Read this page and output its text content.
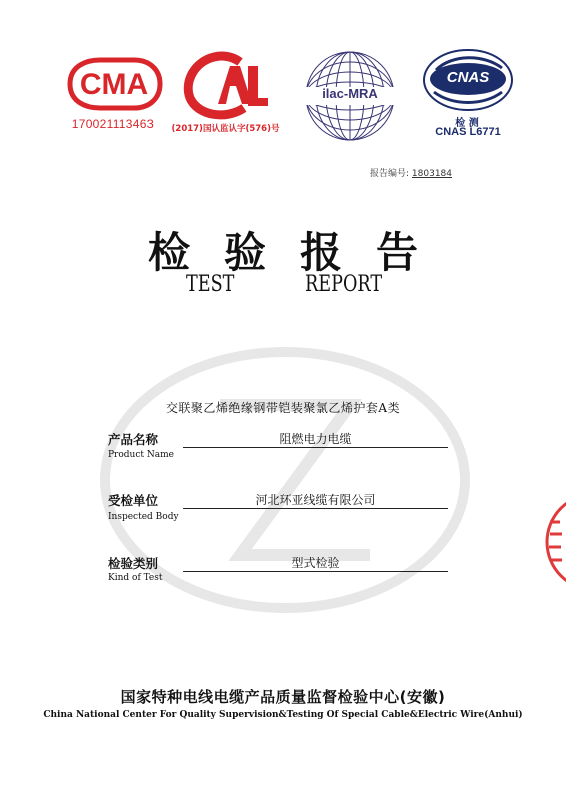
CMA
17002111346З
CAL
(2017)国认监认字(576)号
ilac-MRA
CNAS
检 测
CNAS L6771
报告编号: 1803184
检验报告
TEST	REPORT
交联聚乙烯绝缘钢带铠装聚氯乙烯护套A类
产品名称
Product Name
阻燃电力电缆
受检单位
Inspected Body
河北环亚线缆有限公司
检验类别
Kind of Test
型式检验
国家特种电线电缆产品质量监督检验中心(安徽)
China National Center For Quality Supervision&Testing Of Special Cable&Electric Wire(Anhui)
